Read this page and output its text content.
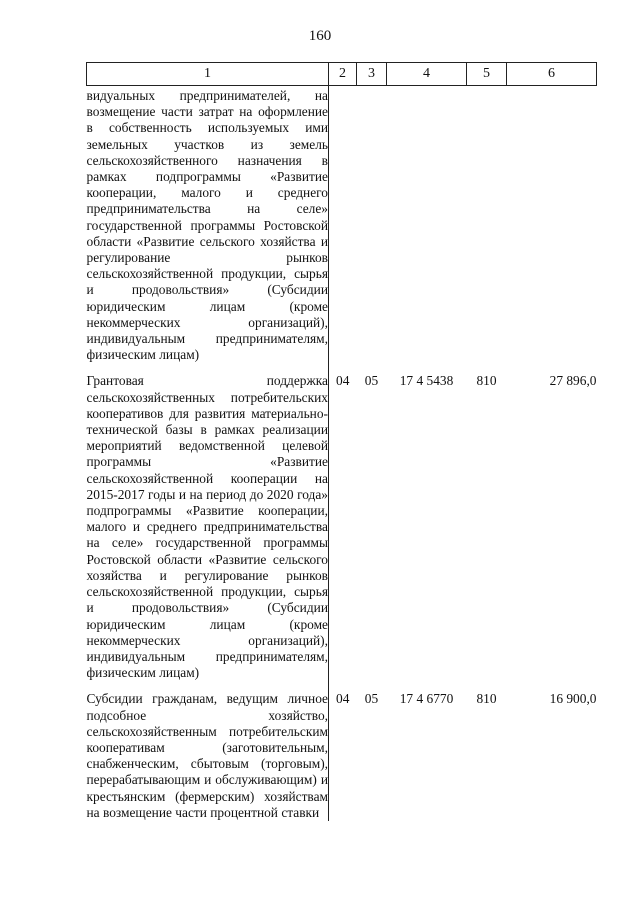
160
1	2	3	4	5	6
видуальных предпринимателей, на возмещение части затрат на оформление в собственность используемых ими земельных участков из земель сельскохозяйственного назначения в рамках подпрограммы «Развитие кооперации, малого и среднего предпринимательства на селе» государственной программы Ростовской области «Развитие сельского хозяйства и регулирование рынков сельскохозяйственной продукции, сырья и продовольствия» (Субсидии юридическим лицам (кроме некоммерческих организаций), индивидуальным предпринимателям, физическим лицам)					
Грантовая поддержка сельскохозяйственных потребительских кооперативов для развития материально-технической базы в рамках реализации мероприятий ведомственной целевой программы «Развитие сельскохозяйственной кооперации на 2015-2017 годы и на период до 2020 года» подпрограммы «Развитие кооперации, малого и среднего предпринимательства на селе» государственной программы Ростовской области «Развитие сельского хозяйства и регулирование рынков сельскохозяйственной продукции, сырья и продовольствия» (Субсидии юридическим лицам (кроме некоммерческих организаций), индивидуальным предпринимателям, физическим лицам)	04	05	17 4 5438	810	27 896,0
Субсидии гражданам, ведущим личное подсобное хозяйство, сельскохозяйственным потребительским кооперативам (заготовительным, снабженческим, сбытовым (торговым), перерабатывающим и обслуживающим) и крестьянским (фермерским) хозяйствам на возмещение части процентной ставки	04	05	17 4 6770	810	16 900,0
